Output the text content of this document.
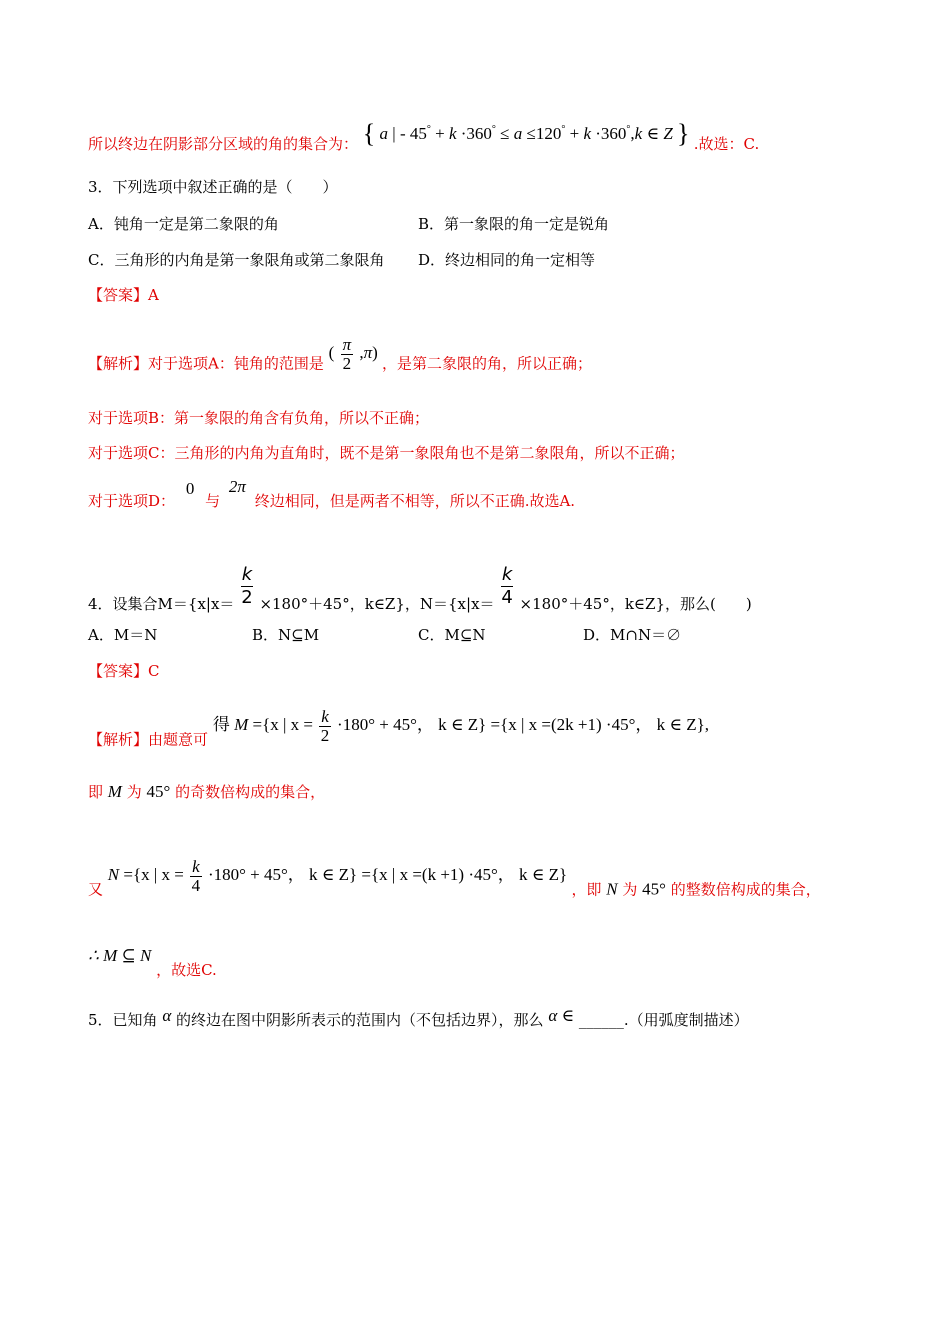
所以终边在阴影部分区域的角的集合为： { a | - 45° + k ·360° ≤ a ≤120° + k ·360°,k ∈ Z } .故选：C.
3．下列选项中叙述正确的是（　　）
A．钝角一定是第二象限的角	B．第一象限的角一定是锐角
C．三角形的内角是第一象限角或第二象限角 D．终边相同的角一定相等
【答案】A
【解析】对于选项A：钝角的范围是 ( $\frac{\pi}{2} ,\pi$) ，是第二象限的角，所以正确；
对于选项B：第一象限的角含有负角，所以不正确；
对于选项C：三角形的内角为直角时，既不是第一象限角也不是第二象限角，所以不正确；
对于选项D： 0 与 2π 终边相同，但是两者不相等，所以不正确.故选A.
4．设集合$M=\{x|x= \frac{k}{2} \times 180^\circ+45^\circ$，k∈Z}，$N=\{x|x= \frac{k}{4} \times 180^\circ+45^\circ$，k∈Z}，那么(　　)
A．M＝N	B．N⊆M	C．M⊆N	D．M∩N＝∅
【答案】C
【解析】由题意可 得 M ={x | $x = \frac{k}{2} \cdot 180^\circ + 45^\circ$， k ∈ Z} ={x | x =(2k +1) ·45°， k ∈ Z},
即 M 为 45° 的奇数倍构成的集合，
又 N ={x | $x = \frac{k}{4} \cdot 180^\circ + 45^\circ$， k ∈ Z} ={x | x =(k +1) ·45°， k ∈ Z} ，即 N 为 45° 的整数倍构成的集合，
∴ M ⊆ N ，故选C.
5．已知角 α 的终边在图中阴影所表示的范围内（不包括边界），那么 α ∈ ______.（用弧度制描述）
